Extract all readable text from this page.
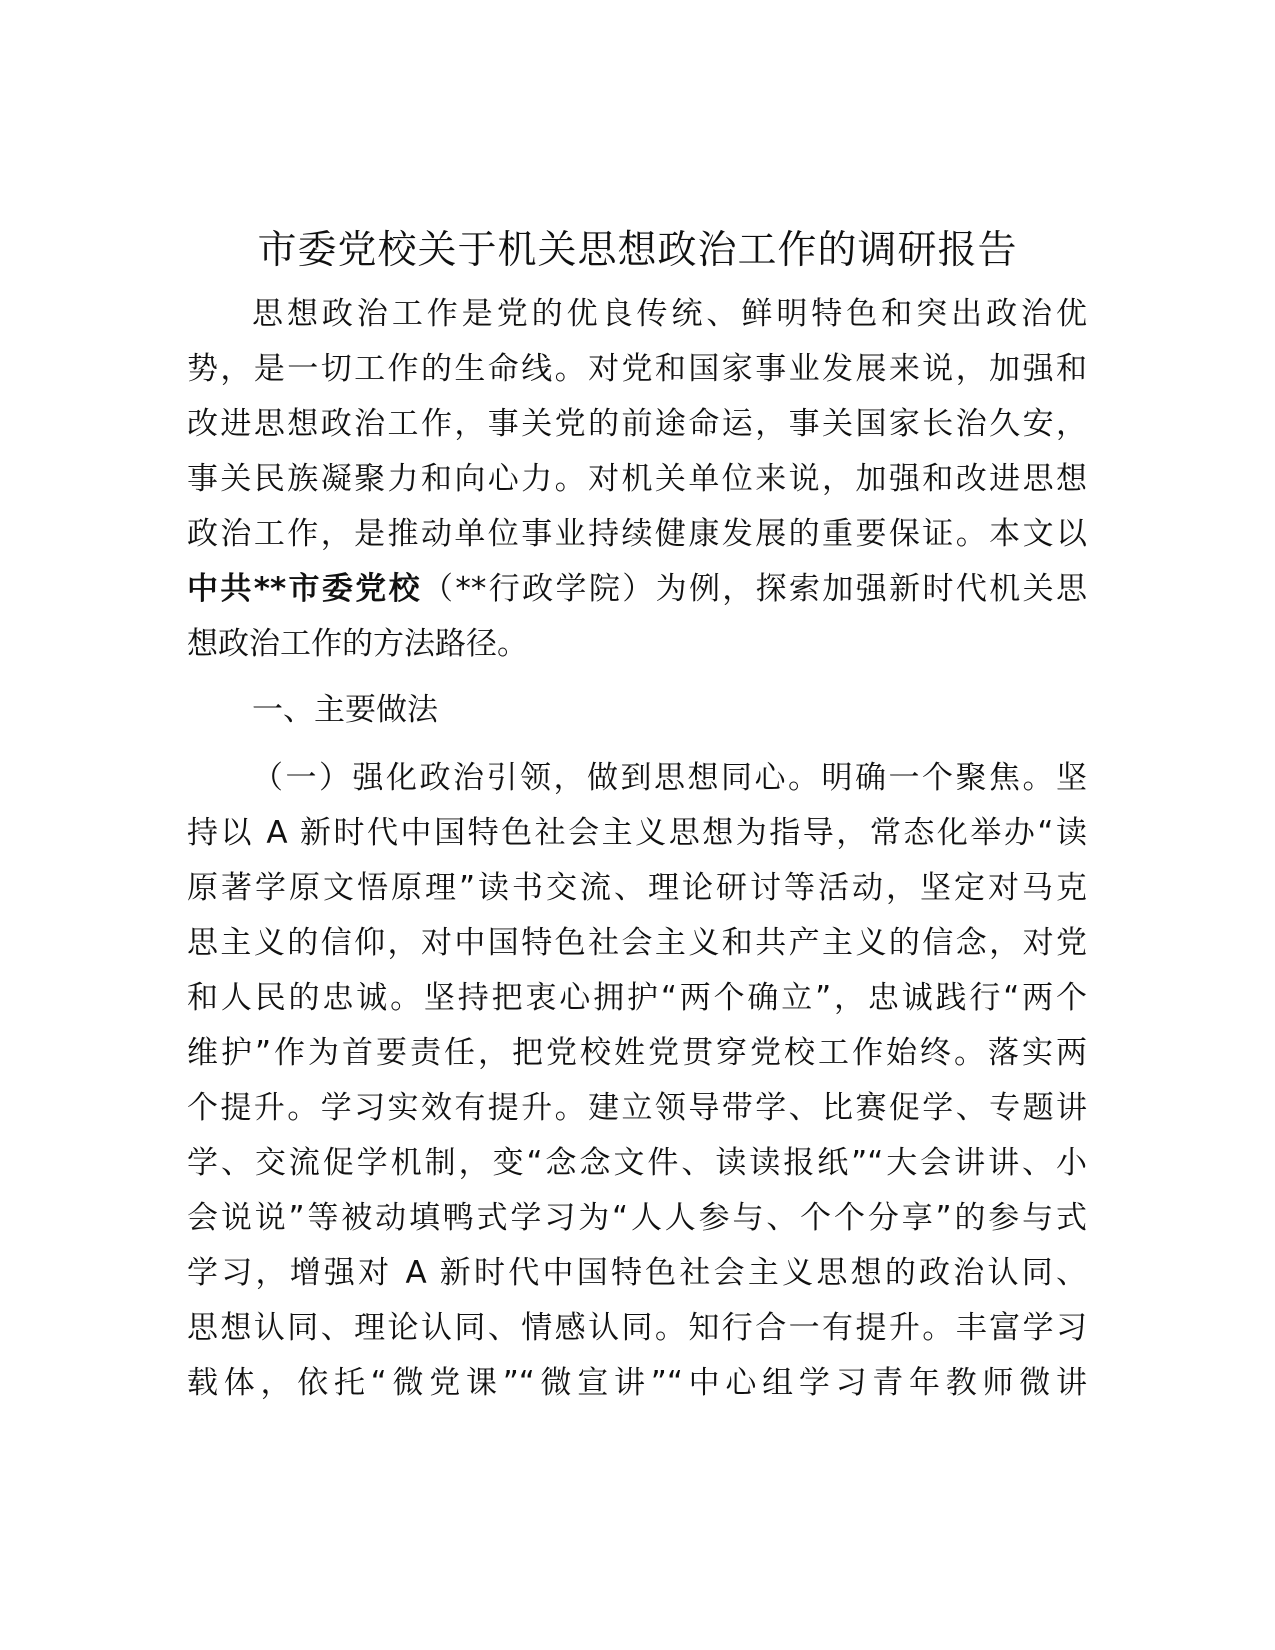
市委党校关于机关思想政治工作的调研报告
思想政治工作是党的优良传统、鲜明特色和突出政治优
势，是一切工作的生命线。对党和国家事业发展来说，加强和
改进思想政治工作，事关党的前途命运，事关国家长治久安，
事关民族凝聚力和向心力。对机关单位来说，加强和改进思想
政治工作，是推动单位事业持续健康发展的重要保证。本文以
中共**市委党校（**行政学院）为例，探索加强新时代机关思
想政治工作的方法路径。
一、主要做法
（一）强化政治引领，做到思想同心。明确一个聚焦。坚
持以 A 新时代中国特色社会主义思想为指导，常态化举办“读
原著学原文悟原理”读书交流、理论研讨等活动，坚定对马克
思主义的信仰，对中国特色社会主义和共产主义的信念，对党
和人民的忠诚。坚持把衷心拥护“两个确立”，忠诚践行“两个
维护”作为首要责任，把党校姓党贯穿党校工作始终。落实两
个提升。学习实效有提升。建立领导带学、比赛促学、专题讲
学、交流促学机制，变“念念文件、读读报纸”“大会讲讲、小
会说说”等被动填鸭式学习为“人人参与、个个分享”的参与式
学习，增强对 A 新时代中国特色社会主义思想的政治认同、
思想认同、理论认同、情感认同。知行合一有提升。丰富学习
载体，依托“微党课”“微宣讲”“中心组学习青年教师微讲
